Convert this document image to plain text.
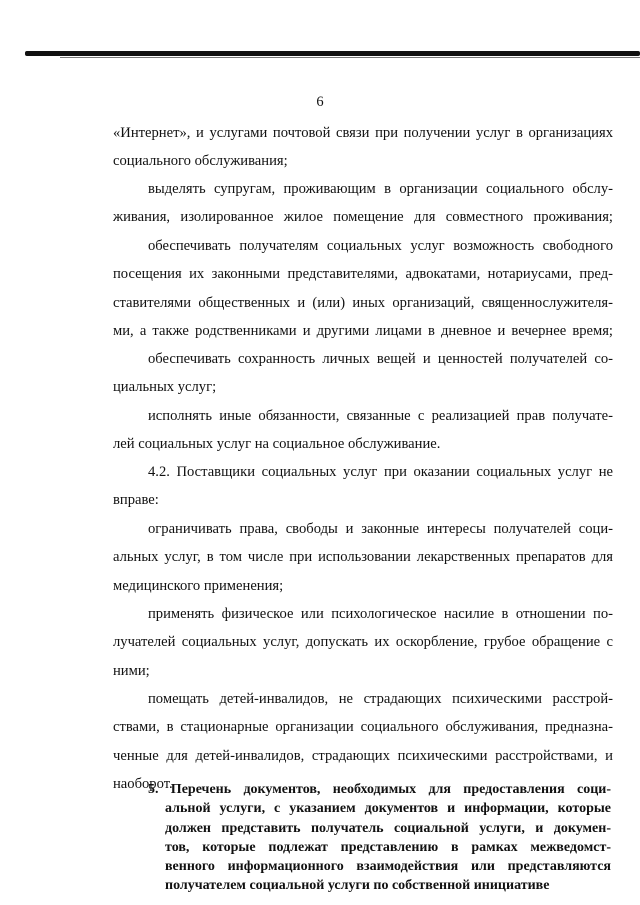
6

«Интернет», и услугами почтовой связи при получении услуг в организациях
социального обслуживания;

выделять супругам, проживающим в организации социального обслу-
живания, изолированное жилое помещение для совместного проживания;

обеспечивать получателям социальных услуг возможность свободного
посещения их законными представителями, адвокатами, нотариусами, пред-
ставителями общественных и (или) иных организаций, священнослужителя-
ми, а также родственниками и другими лицами в дневное и вечернее время;

обеспечивать сохранность личных вещей и ценностей получателей со-
циальных услуг;

исполнять иные обязанности, связанные с реализацией прав получате-
лей социальных услуг на социальное обслуживание.

4.2. Поставщики социальных услуг при оказании социальных услуг не
вправе:

ограничивать права, свободы и законные интересы получателей соци-
альных услуг, в том числе при использовании лекарственных препаратов для
медицинского применения;

применять физическое или психологическое насилие в отношении по-
лучателей социальных услуг, допускать их оскорбление, грубое обращение с
ними;

помещать детей-инвалидов, не страдающих психическими расстрой-
ствами, в стационарные организации социального обслуживания, предназна-
ченные для детей-инвалидов, страдающих психическими расстройствами, и
наоборот.

5. Перечень документов, необходимых для предоставления соци-
альной услуги, с указанием документов и информации, которые
должен представить получатель социальной услуги, и докумен-
тов, которые подлежат представлению в рамках межведомст-
венного информационного взаимодействия или представляются
получателем социальной услуги по собственной инициативе
